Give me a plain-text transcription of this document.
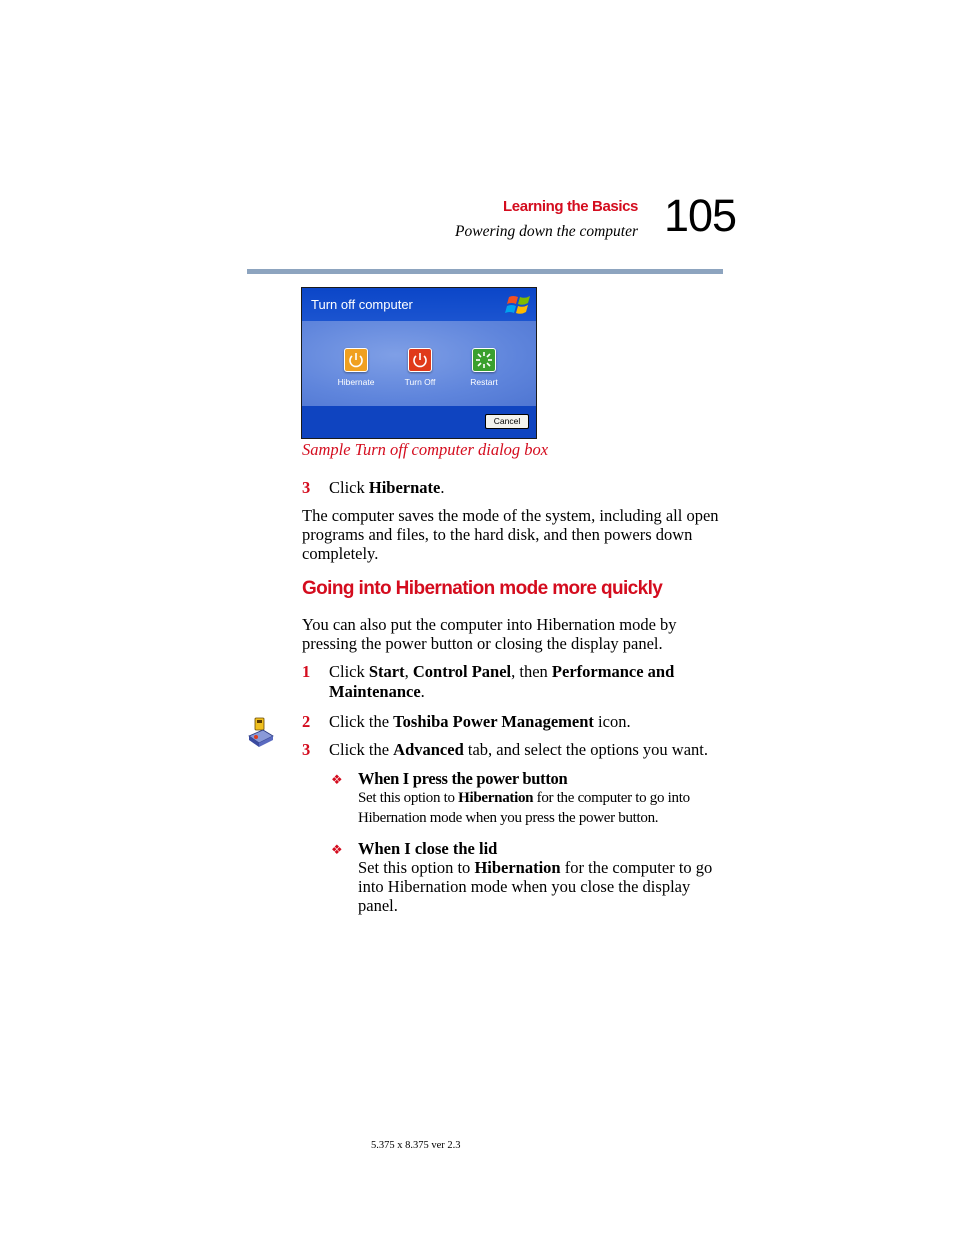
Learning the Basics
Powering down the computer 105
Turn off computer
Hibernate	Turn Off	Restart
Cancel
Sample Turn off computer dialog box
3 Click Hibernate.
The computer saves the mode of the system, including all open programs and files, to the hard disk, and then powers down completely.
Going into Hibernation mode more quickly
You can also put the computer into Hibernation mode by pressing the power button or closing the display panel.
1 Click Start, Control Panel, then Performance and Maintenance.
2 Click the Toshiba Power Management icon.
3 Click the Advanced tab, and select the options you want.
❖ When I press the power button
Set this option to Hibernation for the computer to go into Hibernation mode when you press the power button.
❖ When I close the lid
Set this option to Hibernation for the computer to go into Hibernation mode when you close the display panel.
5.375 x 8.375 ver 2.3
